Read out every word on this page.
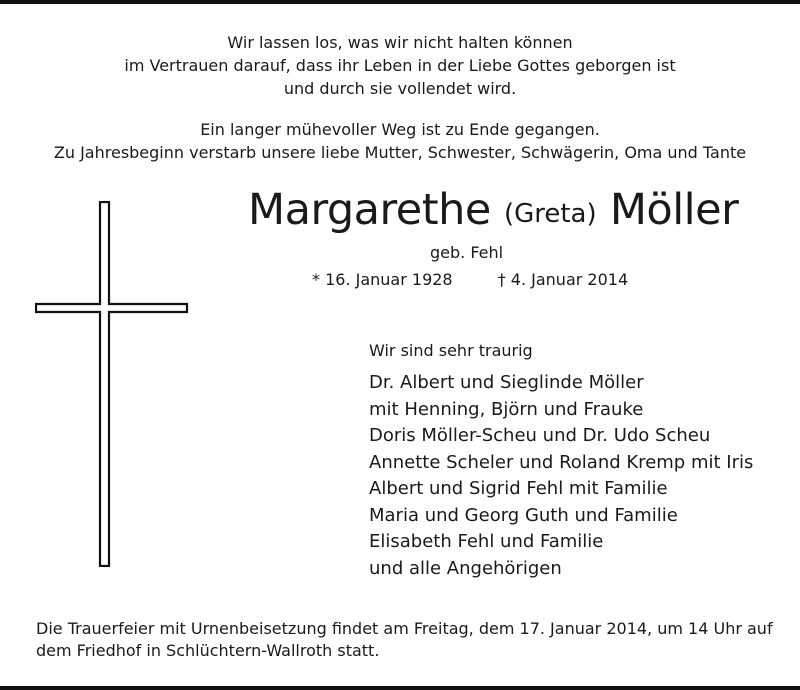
Wir lassen los, was wir nicht halten können
im Vertrauen darauf, dass ihr Leben in der Liebe Gottes geborgen ist
und durch sie vollendet wird.
Ein langer mühevoller Weg ist zu Ende gegangen.
Zu Jahresbeginn verstarb unsere liebe Mutter, Schwester, Schwägerin, Oma und Tante
Margarethe (Greta) Möller
geb. Fehl
* 16. Januar 1928	† 4. Januar 2014
Wir sind sehr traurig
Dr. Albert und Sieglinde Möller
mit Henning, Björn und Frauke
Doris Möller-Scheu und Dr. Udo Scheu
Annette Scheler und Roland Kremp mit Iris
Albert und Sigrid Fehl mit Familie
Maria und Georg Guth und Familie
Elisabeth Fehl und Familie
und alle Angehörigen
Die Trauerfeier mit Urnenbeisetzung findet am Freitag, dem 17. Januar 2014, um 14 Uhr auf
dem Friedhof in Schlüchtern-Wallroth statt.
